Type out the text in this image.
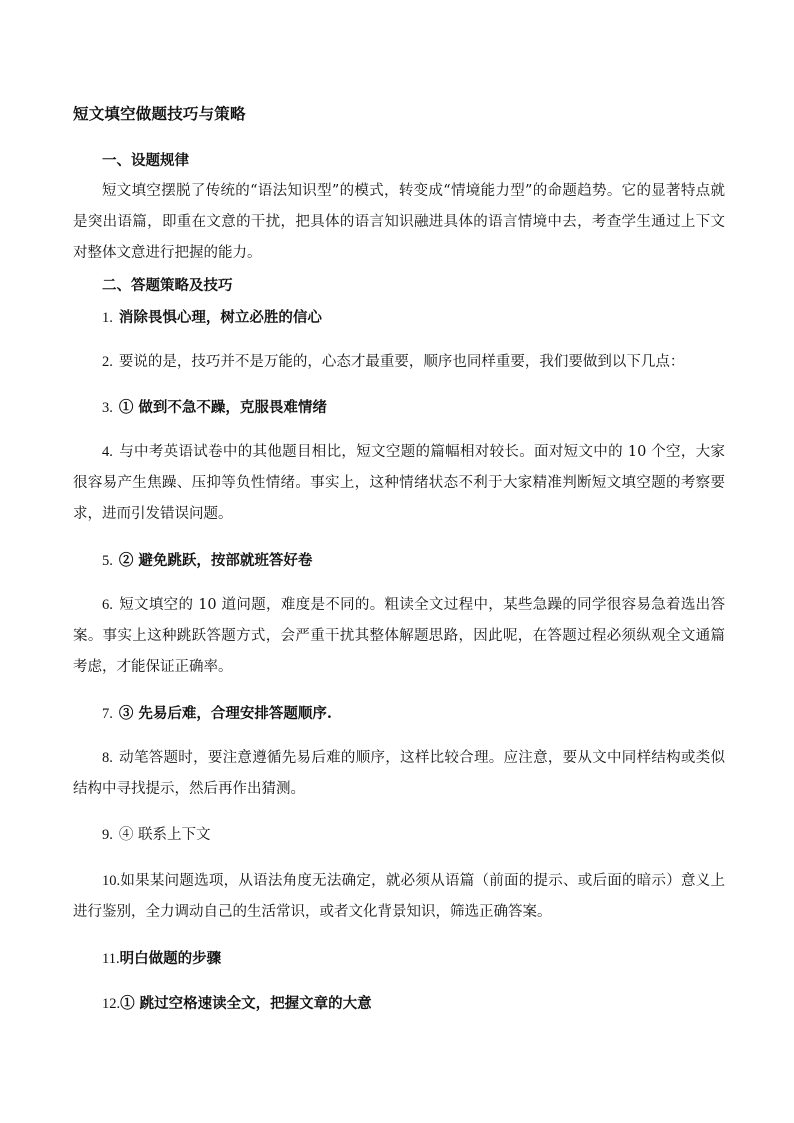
短文填空做题技巧与策略
一、设题规律

短文填空摆脱了传统的“语法知识型”的模式，转变成“情境能力型”的命题趋势。它的显著特点就是突出语篇，即重在文意的干扰，把具体的语言知识融进具体的语言情境中去，考查学生通过上下文对整体文意进行把握的能力。

二、答题策略及技巧

1. 消除畏惧心理，树立必胜的信心

2. 要说的是，技巧并不是万能的，心态才最重要，顺序也同样重要，我们要做到以下几点：

3. ① 做到不急不躁，克服畏难情绪

4. 与中考英语试卷中的其他题目相比，短文空题的篇幅相对较长。面对短文中的 10 个空，大家很容易产生焦躁、压抑等负性情绪。事实上，这种情绪状态不利于大家精准判断短文填空题的考察要求，进而引发错误问题。

5. ② 避免跳跃，按部就班答好卷

6. 短文填空的 10 道问题，难度是不同的。粗读全文过程中，某些急躁的同学很容易急着选出答案。事实上这种跳跃答题方式，会严重干扰其整体解题思路，因此呢，在答题过程必须纵观全文通篇考虑，才能保证正确率。

7. ③ 先易后难，合理安排答题顺序.

8. 动笔答题时，要注意遵循先易后难的顺序，这样比较合理。应注意，要从文中同样结构或类似结构中寻找提示，然后再作出猜测。

9. ④ 联系上下文

10.如果某问题选项，从语法角度无法确定，就必须从语篇（前面的提示、或后面的暗示）意义上进行鉴别，全力调动自己的生活常识，或者文化背景知识，筛选正确答案。

11.明白做题的步骤

12.① 跳过空格速读全文，把握文章的大意
